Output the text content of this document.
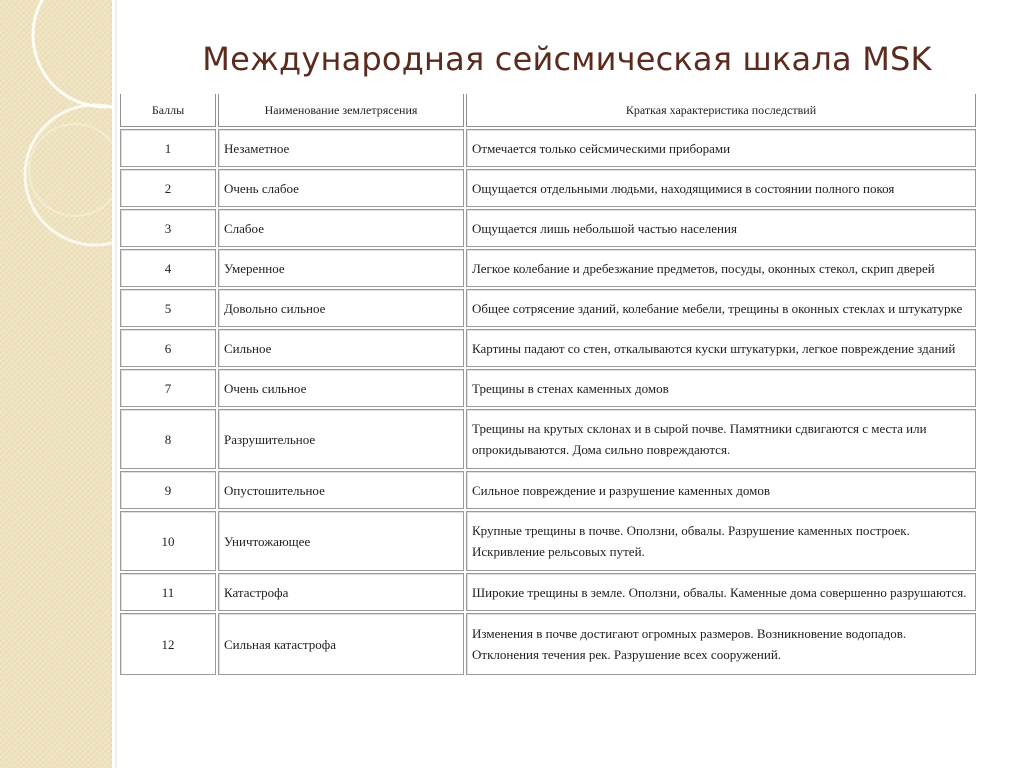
Международная сейсмическая шкала MSK
Баллы	Наименование землетрясения	Краткая характеристика последствий
1	Незаметное	Отмечается только сейсмическими приборами
2	Очень слабое	Ощущается отдельными людьми, находящимися в состоянии полного покоя
3	Слабое	Ощущается лишь небольшой частью населения
4	Умеренное	Легкое колебание и дребезжание предметов, посуды, оконных стекол, скрип дверей
5	Довольно сильное	Общее сотрясение зданий, колебание мебели, трещины в оконных стеклах и штукатурке
6	Сильное	Картины падают со стен, откалываются куски штукатурки, легкое повреждение зданий
7	Очень сильное	Трещины в стенах каменных домов
8	Разрушительное	Трещины на крутых склонах и в сырой почве. Памятники сдвигаются с места или опрокидываются. Дома сильно повреждаются.
9	Опустошительное	Сильное повреждение и разрушение каменных домов
10	Уничтожающее	Крупные трещины в почве. Оползни, обвалы. Разрушение каменных построек. Искривление рельсовых путей.
11	Катастрофа	Широкие трещины в земле. Оползни, обвалы. Каменные дома совершенно разрушаются.
12	Сильная катастрофа	Изменения в почве достигают огромных размеров. Возникновение водопадов. Отклонения течения рек. Разрушение всех сооружений.
